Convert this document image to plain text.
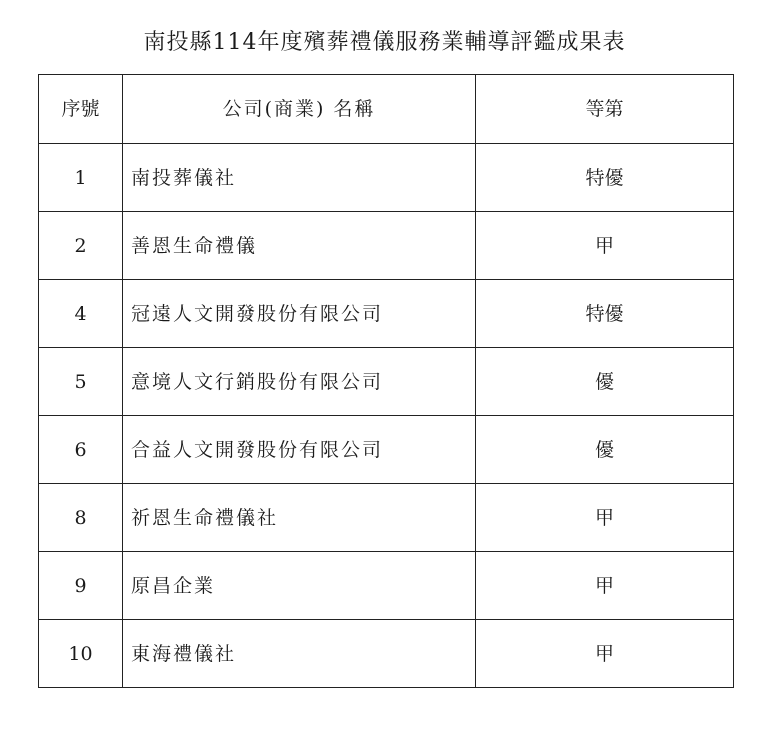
南投縣114年度殯葬禮儀服務業輔導評鑑成果表
序號	公司(商業) 名稱	等第
1	南投葬儀社	特優
2	善恩生命禮儀	甲
4	冠遠人文開發股份有限公司	特優
5	意境人文行銷股份有限公司	優
6	合益人文開發股份有限公司	優
8	祈恩生命禮儀社	甲
9	原昌企業	甲
10	東海禮儀社	甲
